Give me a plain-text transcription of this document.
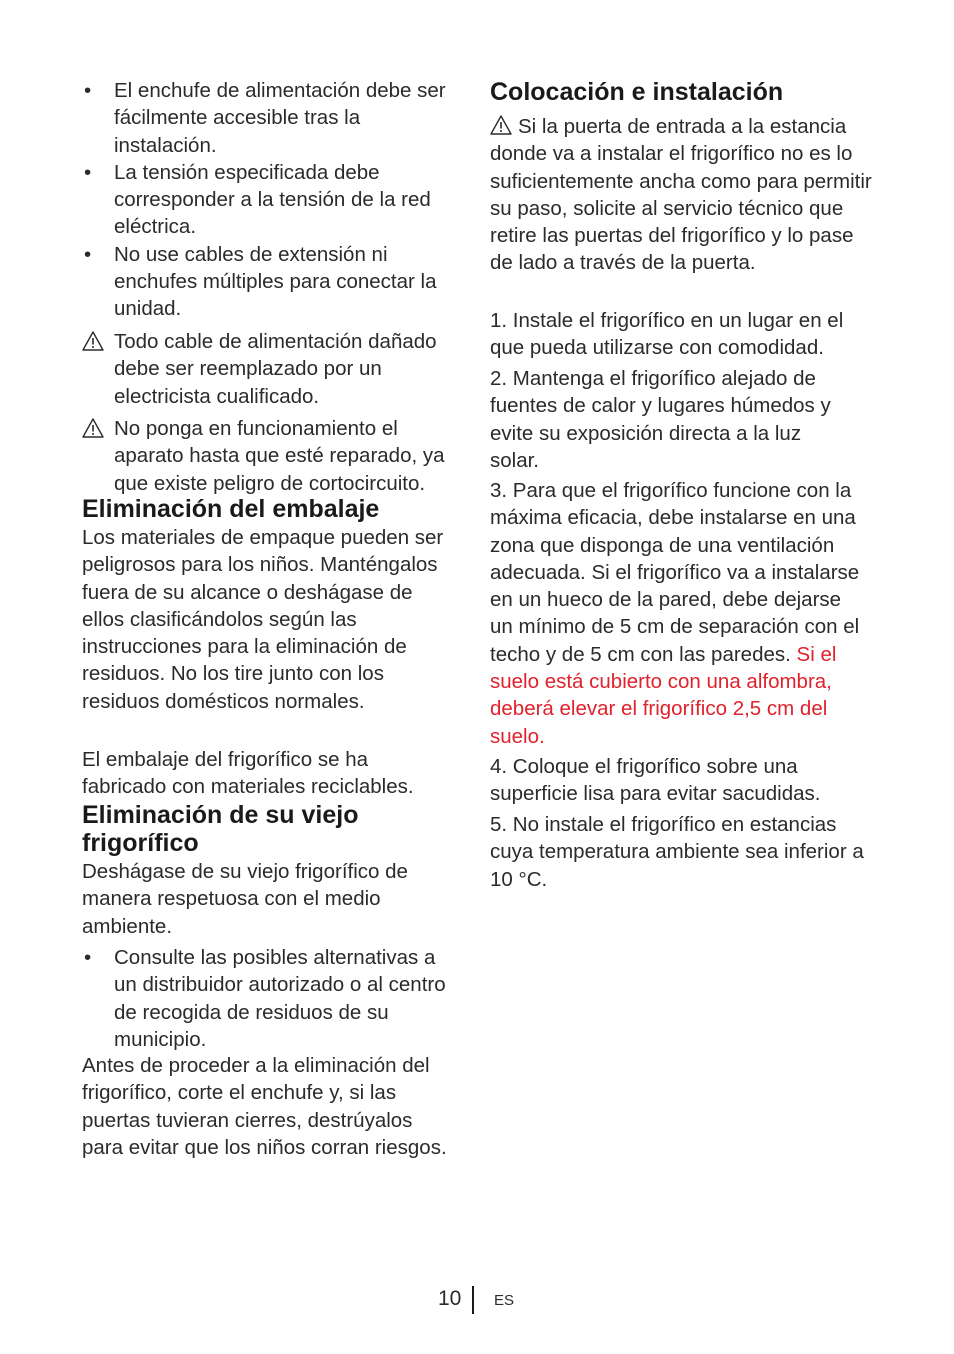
• El enchufe de alimentación debe ser fácilmente accesible tras la instalación.
• La tensión especificada debe corresponder a la tensión de la red eléctrica.
• No use cables de extensión ni enchufes múltiples para conectar la unidad.
Todo cable de alimentación dañado debe ser reemplazado por un electricista cualificado.
No ponga en funcionamiento el aparato hasta que esté reparado, ya que existe peligro de cortocircuito.
Eliminación del embalaje

Los materiales de empaque pueden ser peligrosos para los niños. Manténgalos fuera de su alcance o deshágase de ellos clasificándolos según las instrucciones para la eliminación de residuos. No los tire junto con los residuos domésticos normales.

El embalaje del frigorífico se ha fabricado con materiales reciclables.

Eliminación de su viejo frigorífico

Deshágase de su viejo frigorífico de manera respetuosa con el medio ambiente.

• Consulte las posibles alternativas a un distribuidor autorizado o al centro de recogida de residuos de su municipio.

Antes de proceder a la eliminación del frigorífico, corte el enchufe y, si las puertas tuvieran cierres, destrúyalos para evitar que los niños corran riesgos.

Colocación e instalación

Si la puerta de entrada a la estancia donde va a instalar el frigorífico no es lo suficientemente ancha como para permitir su paso, solicite al servicio técnico que retire las puertas del frigorífico y lo pase de lado a través de la puerta.

1. Instale el frigorífico en un lugar en el que pueda utilizarse con comodidad.

2. Mantenga el frigorífico alejado de fuentes de calor y lugares húmedos y evite su exposición directa a la luz solar.

3. Para que el frigorífico funcione con la máxima eficacia, debe instalarse en una zona que disponga de una ventilación adecuada. Si el frigorífico va a instalarse en un hueco de la pared, debe dejarse un mínimo de 5 cm de separación con el techo y de 5 cm con las paredes. Si el suelo está cubierto con una alfombra, deberá elevar el frigorífico 2,5 cm del suelo.

4. Coloque el frigorífico sobre una superficie lisa para evitar sacudidas.

5. No instale el frigorífico en estancias cuya temperatura ambiente sea inferior a 10 °C.

10 ES
